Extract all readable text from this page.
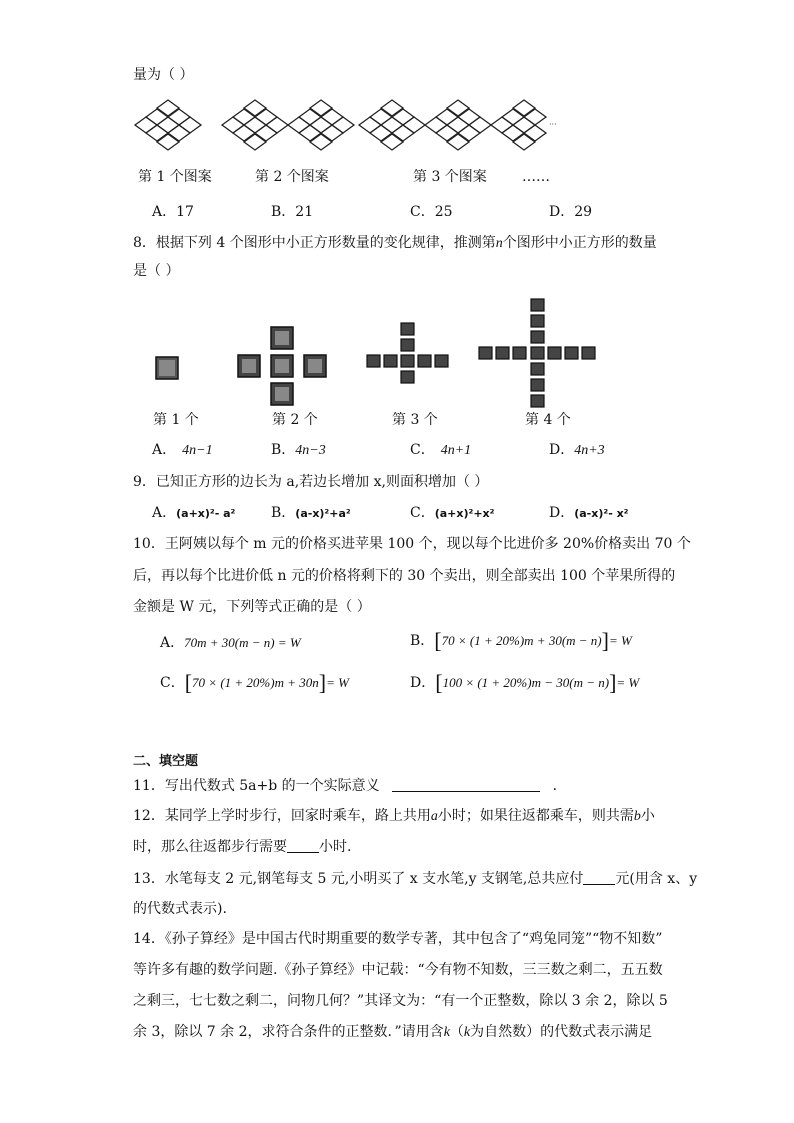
量为（ ）
···
第 1 个图案	第 2 个图案	第 3 个图案	……
A．17	B．21	C．25	D．29
8．根据下列 4 个图形中小正方形数量的变化规律，推测第n个图形中小正方形的数量
是（ ）
第 1 个	第 2 个	第 3 个	第 4 个
A． 4n−1	B．4n−3	C． 4n+1	D．4n+3
9．已知正方形的边长为 a,若边长增加 x,则面积增加（ ）
A．(a+x)²- a²	B．(a-x)²+a²	C．(a+x)²+x²	D．(a-x)²- x²
10．王阿姨以每个 m 元的价格买进苹果 100 个，现以每个比进价多 20%价格卖出 70 个
后，再以每个比进价低 n 元的价格将剩下的 30 个卖出，则全部卖出 100 个苹果所得的
金额是 W 元，下列等式正确的是（ ）
A．70m + 30(m − n) = W	B．[70 × (1 + 20%)m + 30(m − n)]= W
C．[70 × (1 + 20%)m + 30n]= W	D．[100 × (1 + 20%)m − 30(m − n)]= W
二、填空题
11．写出代数式 5a+b 的一个实际意义	．
12．某同学上学时步行，回家时乘车，路上共用a小时；如果往返都乘车，则共需b小
时，那么往返都步行需要 小时.
13．水笔每支 2 元,钢笔每支 5 元,小明买了 x 支水笔,y 支钢笔,总共应付 元(用含 x、y
的代数式表示).
14．《孙子算经》是中国古代时期重要的数学专著，其中包含了“鸡兔同笼”“物不知数”
等许多有趣的数学问题.《孙子算经》中记载：“今有物不知数，三三数之剩二，五五数
之剩三，七七数之剩二，问物几何？”其译文为：“有一个正整数，除以 3 余 2，除以 5
余 3，除以 7 余 2，求符合条件的正整数．”请用含k（k为自然数）的代数式表示满足
